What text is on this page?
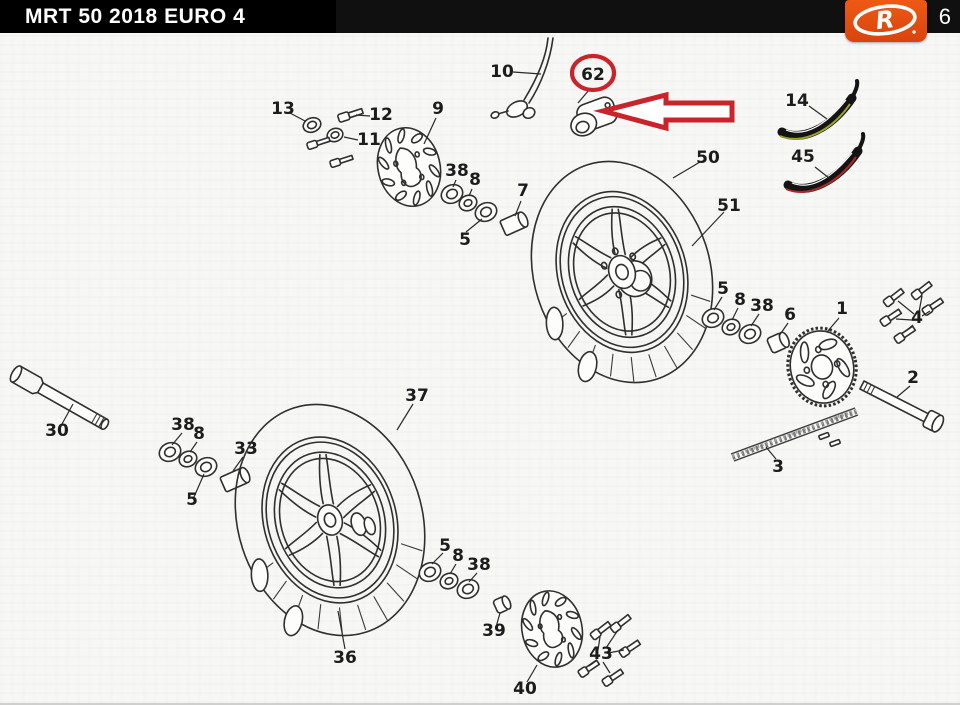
10	62
13	12
11
9
38 8
5
7
50
51
14
45
5
8 38 6 1	4
2
3
30	38
8
33
5
37
36
5 8 38
39
40
43
MRT 50 2018 EURO 4	6
R
